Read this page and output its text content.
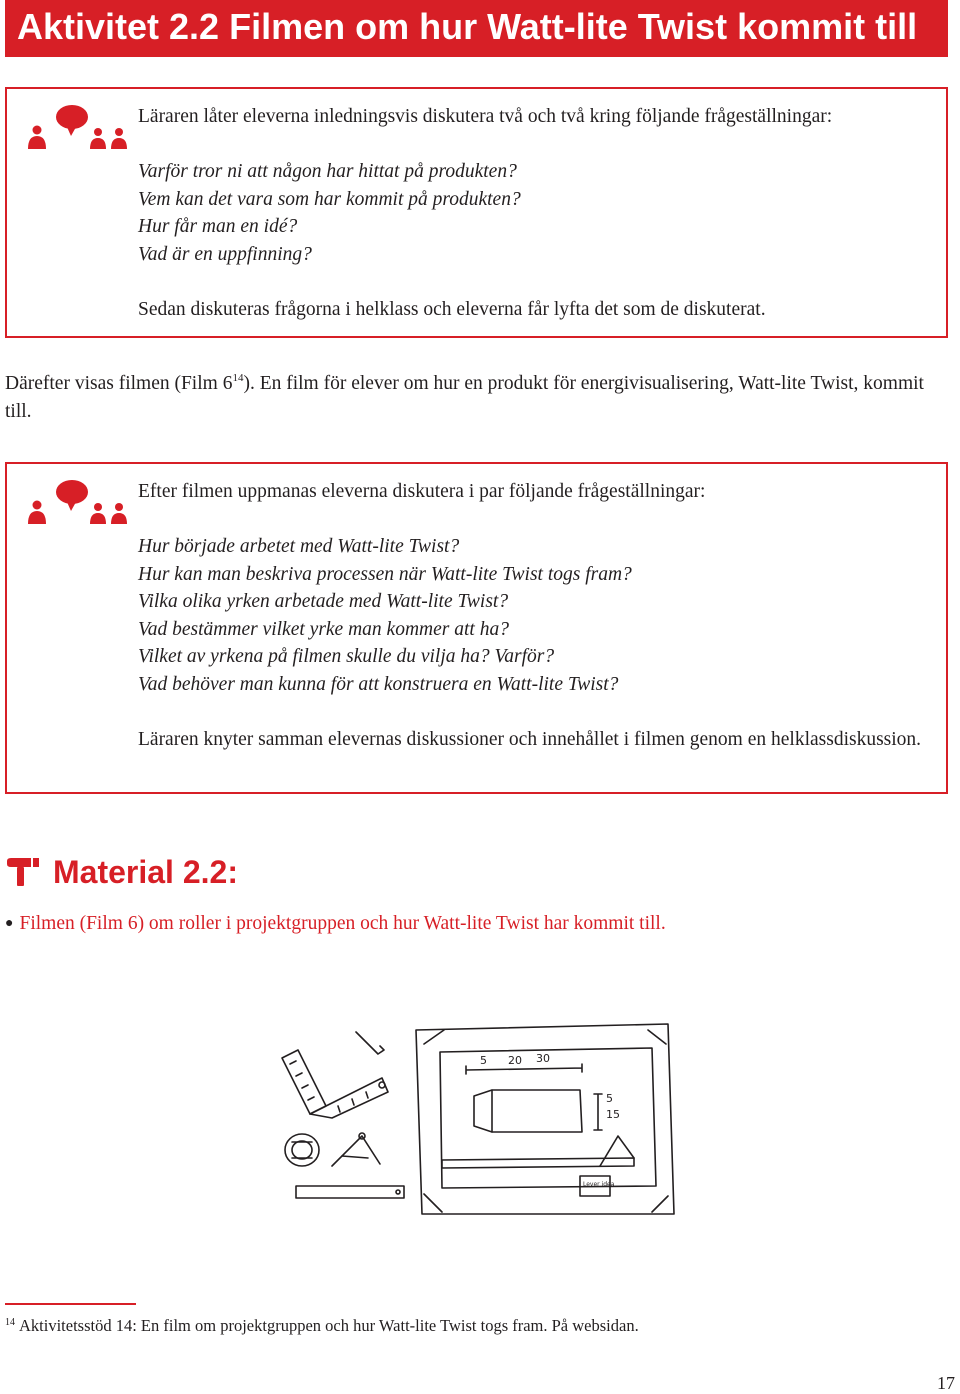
Aktivitet 2.2 Filmen om hur Watt-lite Twist kommit till

Läraren låter eleverna inledningsvis diskutera två och två kring följande frågeställningar:

Varför tror ni att någon har hittat på produkten?

Vem kan det vara som har kommit på produkten?

Hur får man en idé?

Vad är en uppfinning?

Sedan diskuteras frågorna i helklass och eleverna får lyfta det som de diskuterat.

Därefter visas filmen (Film $6^{14}$). En film för elever om hur en produkt för energivisualisering, Watt-lite Twist, kommit till.

Efter filmen uppmanas eleverna diskutera i par följande frågeställningar:

Hur började arbetet med Watt-lite Twist?

Hur kan man beskriva processen när Watt-lite Twist togs fram?

Vilka olika yrken arbetade med Watt-lite Twist?

Vad bestämmer vilket yrke man kommer att ha?

Vilket av yrkena på filmen skulle du vilja ha? Varför?

Vad behöver man kunna för att konstruera en Watt-lite Twist?

Läraren knyter samman elevernas diskussioner och innehållet i filmen genom en helklassdiskussion.

Material 2.2:
● Filmen (Film 6) om roller i projektgruppen och hur Watt-lite Twist har kommit till.
5 20 30
5
15
Lever idea

$^{14}$ Aktivitetsstöd 14: En film om projektgruppen och hur Watt-lite Twist togs fram. På websidan.

17
